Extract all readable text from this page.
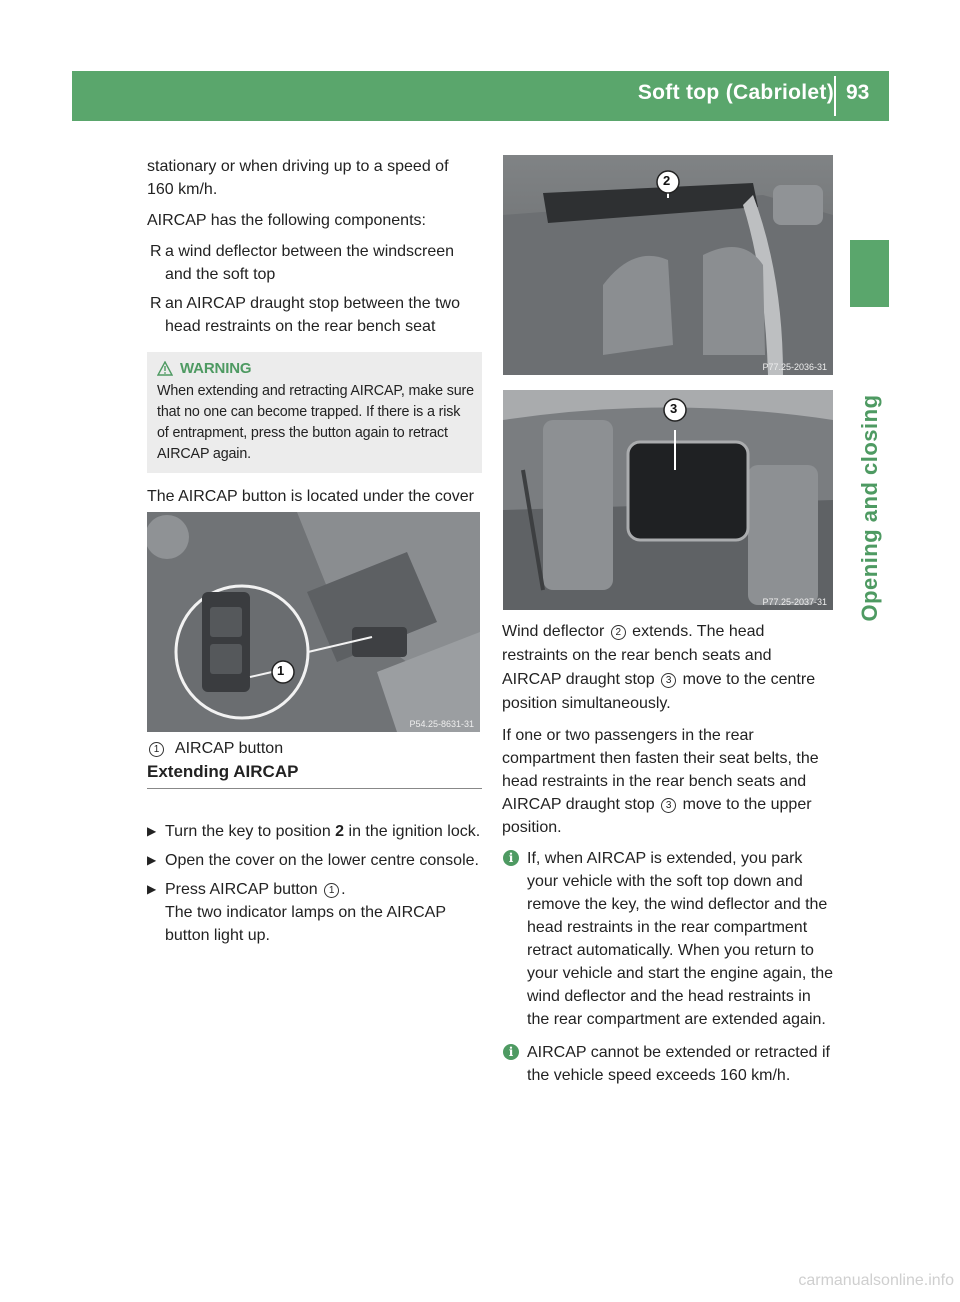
Soft top (Cabriolet) 93
Opening and closing

stationary or when driving up to a speed of
160 km/h.

AIRCAP has the following components:

R a wind deflector between the windscreen and the soft top
R an AIRCAP draught stop between the two head restraints on the rear bench seat
WARNING
When extending and retracting AIRCAP, make sure that no one can become trapped. If there is a risk of entrapment, press the button again to retract AIRCAP again.

The AIRCAP button is located under the cover

1
P54.25-8631-31
1 AIRCAP button
Extending AIRCAP
▶ Turn the key to position 2 in the ignition lock.
▶ Open the cover on the lower centre console.
▶ Press AIRCAP button 1 .
The two indicator lamps on the AIRCAP button light up.
2
P77.25-2036-31
3
P77.25-2037-31

Wind deflector 2 extends. The head restraints on the rear bench seats and AIRCAP draught stop 3 move to the centre position simultaneously.

If one or two passengers in the rear compartment then fasten their seat belts, the head restraints in the rear bench seats and AIRCAP draught stop 3 move to the upper position.

i If, when AIRCAP is extended, you park your vehicle with the soft top down and remove the key, the wind deflector and the head restraints in the rear compartment retract automatically. When you return to your vehicle and start the engine again, the wind deflector and the head restraints in the rear compartment are extended again.
i AIRCAP cannot be extended or retracted if the vehicle speed exceeds 160 km/h.
carmanualsonline.info
